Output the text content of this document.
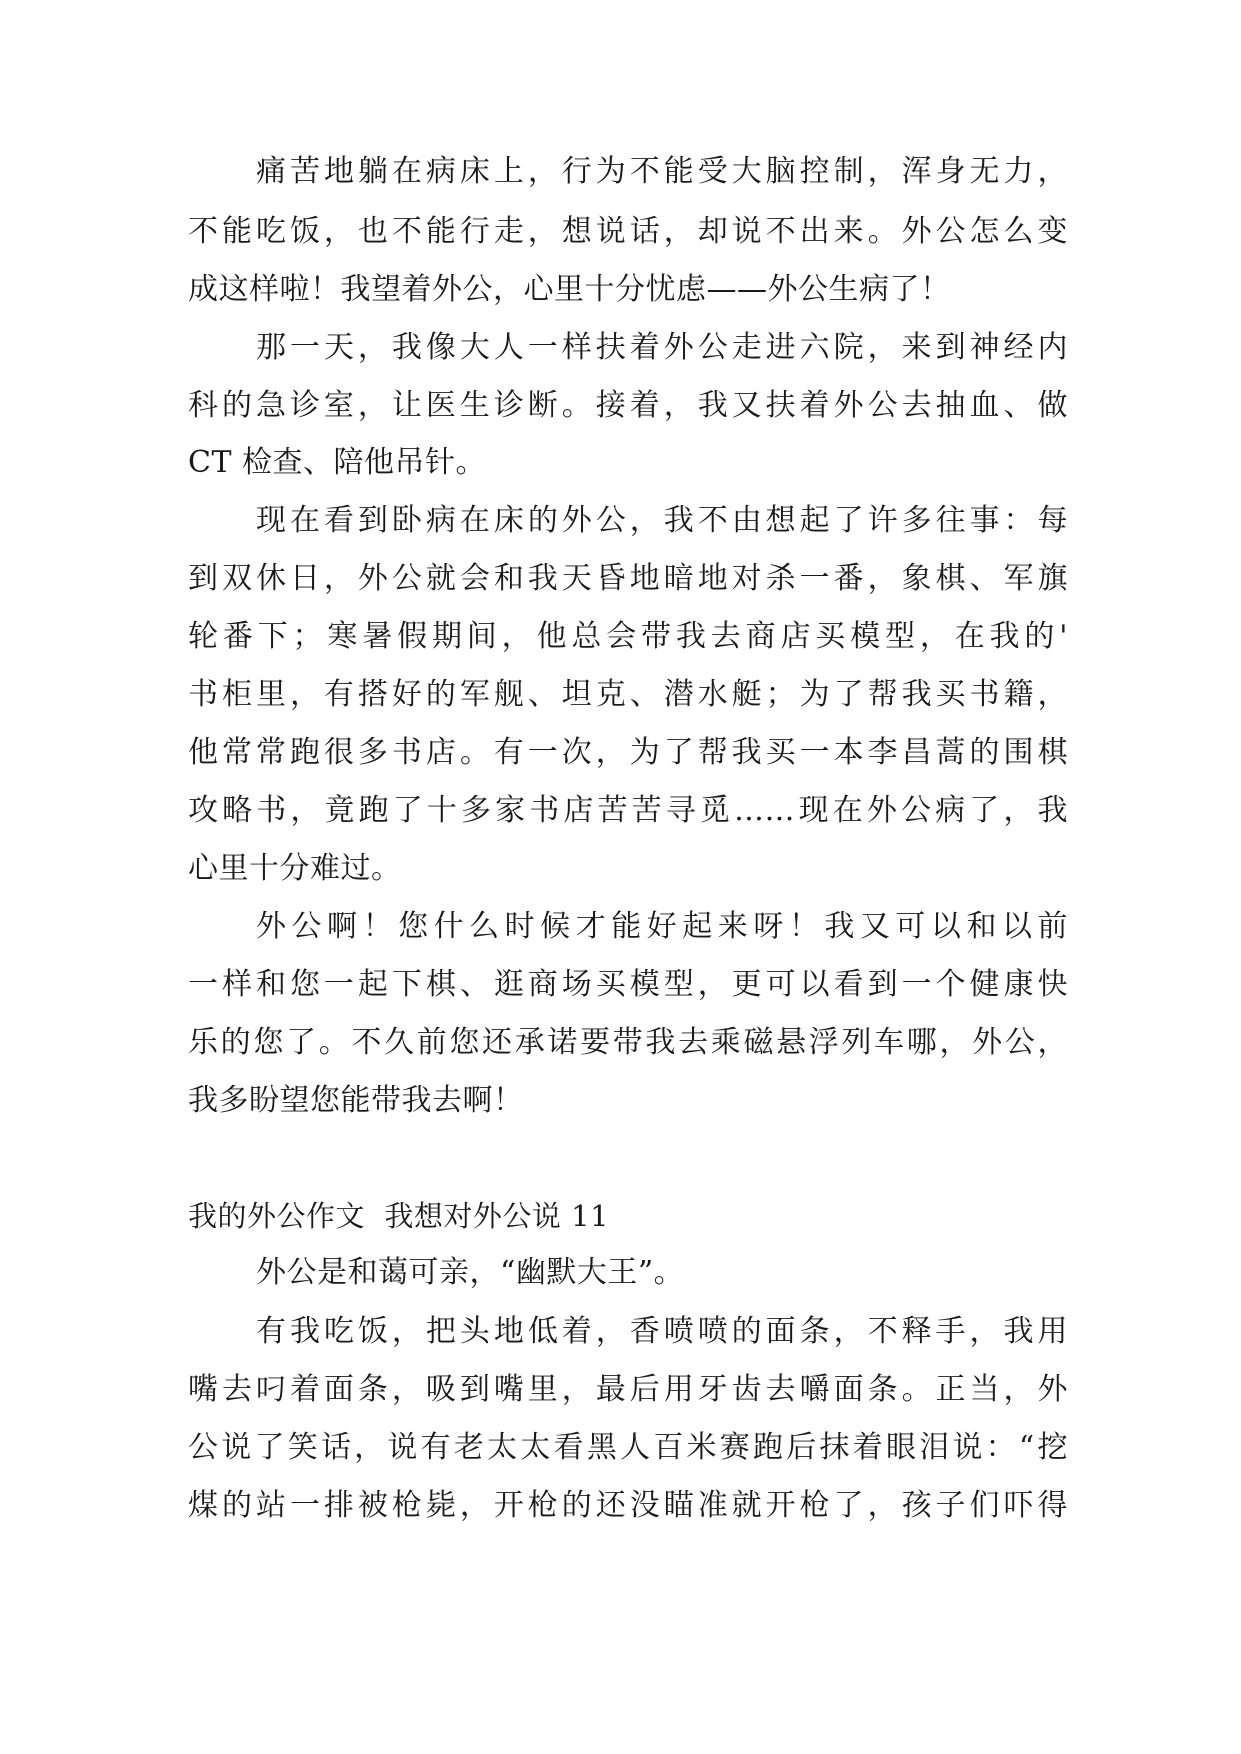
痛苦地躺在病床上，行为不能受大脑控制，浑身无力，
不能吃饭，也不能行走，想说话，却说不出来。外公怎么变
成这样啦！我望着外公，心里十分忧虑——外公生病了！
那一天，我像大人一样扶着外公走进六院，来到神经内
科的急诊室，让医生诊断。接着，我又扶着外公去抽血、做
CT 检查、陪他吊针。
现在看到卧病在床的外公，我不由想起了许多往事：每
到双休日，外公就会和我天昏地暗地对杀一番，象棋、军旗
轮番下；寒暑假期间，他总会带我去商店买模型，在我的'
书柜里，有搭好的军舰、坦克、潜水艇；为了帮我买书籍，
他常常跑很多书店。有一次，为了帮我买一本李昌蒿的围棋
攻略书，竟跑了十多家书店苦苦寻觅……现在外公病了，我
心里十分难过。
外公啊！您什么时候才能好起来呀！我又可以和以前
一样和您一起下棋、逛商场买模型，更可以看到一个健康快
乐的您了。不久前您还承诺要带我去乘磁悬浮列车哪，外公，
我多盼望您能带我去啊！
我的外公作文  我想对外公说 11
外公是和蔼可亲，“幽默大王”。
有我吃饭，把头地低着，香喷喷的面条，不释手，我用
嘴去叼着面条，吸到嘴里，最后用牙齿去嚼面条。正当，外
公说了笑话，说有老太太看黑人百米赛跑后抹着眼泪说：“挖
煤的站一排被枪毙，开枪的还没瞄准就开枪了，孩子们吓得
